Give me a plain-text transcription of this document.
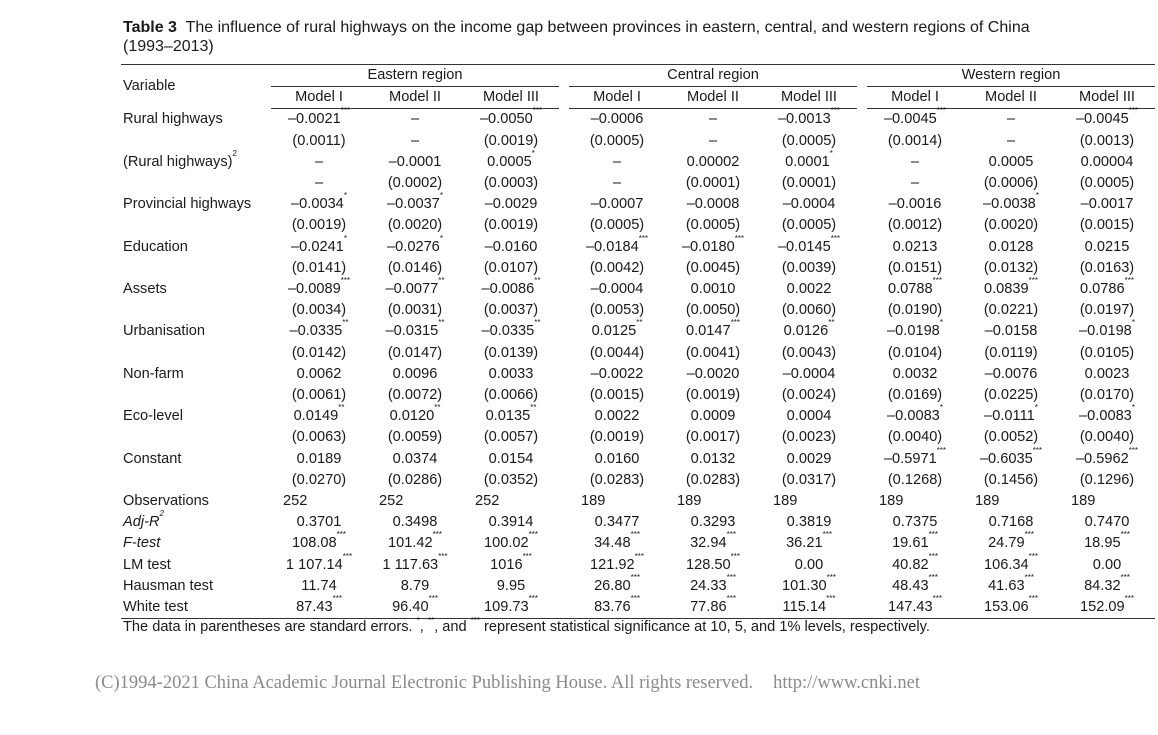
Table 3 The influence of rural highways on the income gap between provinces in eastern, central, and western regions of China (1993–2013)
Variable	Eastern region				Central region				Western region		
	Model I	Model II	Model III		Model I	Model II	Model III		Model I	Model II	Model III
Rural highways	–0.0021***	–	–0.0050***		–0.0006	–	–0.0013***		–0.0045***	–	–0.0045***
	(0.0011)	–	(0.0019)		(0.0005)	–	(0.0005)		(0.0014)	–	(0.0013)
(Rural highways)$^2$	–	–0.0001	0.0005*		–	0.00002	0.0001*		–	0.0005	0.00004
	–	(0.0002)	(0.0003)		–	(0.0001)	(0.0001)		–	(0.0006)	(0.0005)
Provincial highways	–0.0034*	–0.0037*	–0.0029		–0.0007	–0.0008	–0.0004		–0.0016	–0.0038*	–0.0017
	(0.0019)	(0.0020)	(0.0019)		(0.0005)	(0.0005)	(0.0005)		(0.0012)	(0.0020)	(0.0015)
Education	–0.0241*	–0.0276*	–0.0160		–0.0184***	–0.0180***	–0.0145***		0.0213	0.0128	0.0215
	(0.0141)	(0.0146)	(0.0107)		(0.0042)	(0.0045)	(0.0039)		(0.0151)	(0.0132)	(0.0163)
Assets	–0.0089***	–0.0077**	–0.0086**		–0.0004	0.0010	0.0022		0.0788***	0.0839***	0.0786***
	(0.0034)	(0.0031)	(0.0037)		(0.0053)	(0.0050)	(0.0060)		(0.0190)	(0.0221)	(0.0197)
Urbanisation	–0.0335**	–0.0315**	–0.0335**		0.0125**	0.0147***	0.0126**		–0.0198*	–0.0158	–0.0198*
	(0.0142)	(0.0147)	(0.0139)		(0.0044)	(0.0041)	(0.0043)		(0.0104)	(0.0119)	(0.0105)
Non-farm	0.0062	0.0096	0.0033		–0.0022	–0.0020	–0.0004		0.0032	–0.0076	0.0023
	(0.0061)	(0.0072)	(0.0066)		(0.0015)	(0.0019)	(0.0024)		(0.0169)	(0.0225)	(0.0170)
Eco-level	0.0149**	0.0120**	0.0135**		0.0022	0.0009	0.0004		–0.0083*	–0.0111*	–0.0083*
	(0.0063)	(0.0059)	(0.0057)		(0.0019)	(0.0017)	(0.0023)		(0.0040)	(0.0052)	(0.0040)
Constant	0.0189	0.0374	0.0154		0.0160	0.0132	0.0029		–0.5971***	–0.6035***	–0.5962***
	(0.0270)	(0.0286)	(0.0352)		(0.0283)	(0.0283)	(0.0317)		(0.1268)	(0.1456)	(0.1296)
Observations	252	252	252		189	189	189		189	189	189
Adj-$R^2$	0.3701	0.3498	0.3914		0.3477	0.3293	0.3819		0.7375	0.7168	0.7470
F-test	108.08***	101.42***	100.02***		34.48***	32.94***	36.21***		19.61***	24.79***	18.95***
LM test	1 107.14***	1 117.63***	1016***		121.92***	128.50***	0.00		40.82***	106.34***	0.00
Hausman test	11.74	8.79	9.95		26.80***	24.33***	101.30***		48.43***	41.63***	84.32***
White test	87.43***	96.40***	109.73***		83.76***	77.86***	115.14***		147.43***	153.06***	152.09***
The data in parentheses are standard errors. *, **, and *** represent statistical significance at 10, 5, and 1% levels, respectively.
(C)1994-2021 China Academic Journal Electronic Publishing House. All rights reserved. http://www.cnki.net
